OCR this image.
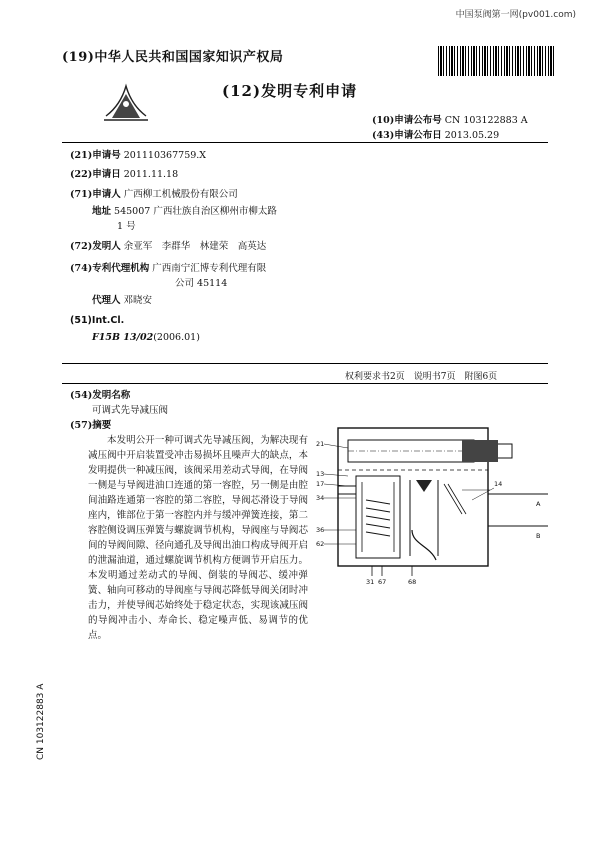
中国泵阀第一网(pv001.com)
(19)中华人民共和国国家知识产权局
(12)发明专利申请
(10)申请公布号 CN 103122883 A
(43)申请公布日 2013.05.29
(21)申请号 201110367759.X
(22)申请日 2011.11.18
(71)申请人 广西柳工机械股份有限公司
地址 545007 广西壮族自治区柳州市柳太路
1 号
(72)发明人 余亚军　李群华　林建荣　高英达
(74)专利代理机构 广西南宁汇博专利代理有限
公司 45114
代理人 邓晓安
(51)Int.Cl.
F15B 13/02(2006.01)
权利要求书2页　说明书7页　附图6页
(54)发明名称
可调式先导减压阀
(57)摘要
本发明公开一种可调式先导减压阀，为解决现有减压阀中开启装置受冲击易损坏且噪声大的缺点，本发明提供一种减压阀，该阀采用差动式导阀，在导阀一侧是与导阀进油口连通的第一容腔，另一侧是由腔间油路连通第一容腔的第二容腔，导阀芯滑设于导阀座内，锥部位于第一容腔内并与缓冲弹簧连接，第二容腔侧设调压弹簧与螺旋调节机构，导阀座与导阀芯间的导阀间隙、径向通孔及导阀出油口构成导阀开启的泄漏油道，通过螺旋调节机构方便调节开启压力。本发明通过差动式的导阀、倒装的导阀芯、缓冲弹簧、轴向可移动的导阀座与导阀芯降低导阀关闭时冲击力，并使导阀芯始终处于稳定状态，实现该减压阀的导阀冲击小、寿命长、稳定噪声低、易调节的优点。
21
13
17
34
36
62
31 67	68
14
A
B
CN 103122883 A
